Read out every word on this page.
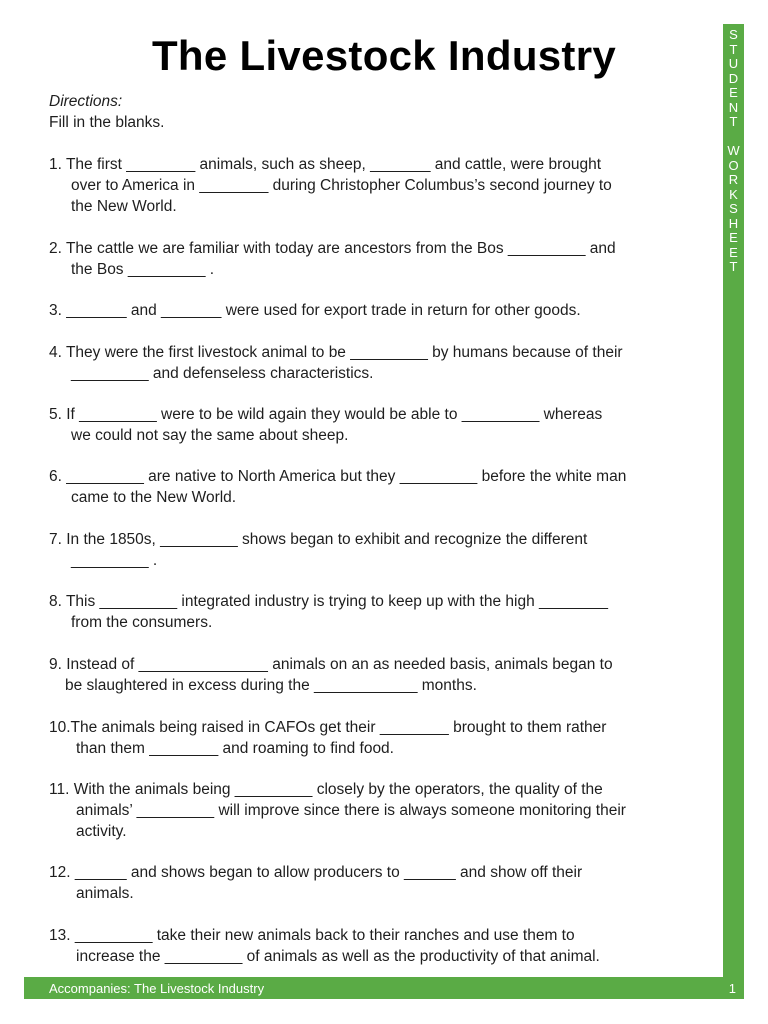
The Livestock Industry
Directions:
Fill in the blanks.
1. The first ________ animals, such as sheep, _______ and cattle, were brought
over to America in ________ during Christopher Columbus’s second journey to
the New World.
2. The cattle we are familiar with today are ancestors from the Bos _________ and
the Bos _________ .
3. _______ and _______ were used for export trade in return for other goods.
4. They were the first livestock animal to be _________ by humans because of their
_________ and defenseless characteristics.
5. If _________ were to be wild again they would be able to _________ whereas
we could not say the same about sheep.
6. _________ are native to North America but they _________ before the white man
came to the New World.
7. In the 1850s, _________ shows began to exhibit and recognize the different
_________ .
8. This _________ integrated industry is trying to keep up with the high ________
from the consumers.
9. Instead of _______________ animals on an as needed basis, animals began to
be slaughtered in excess during the ____________ months.
10.The animals being raised in CAFOs get their ________ brought to them rather
than them ________ and roaming to find food.
11. With the animals being _________ closely by the operators, the quality of the
animals’ _________ will improve since there is always someone monitoring their
activity.
12. ______ and shows began to allow producers to ______ and show off their
animals.
13. _________ take their new animals back to their ranches and use them to
increase the _________ of animals as well as the productivity of that animal.
S
T
U
D
E
N
T
W
O
R
K
S
H
E
E
T
Accompanies: The Livestock Industry	1
